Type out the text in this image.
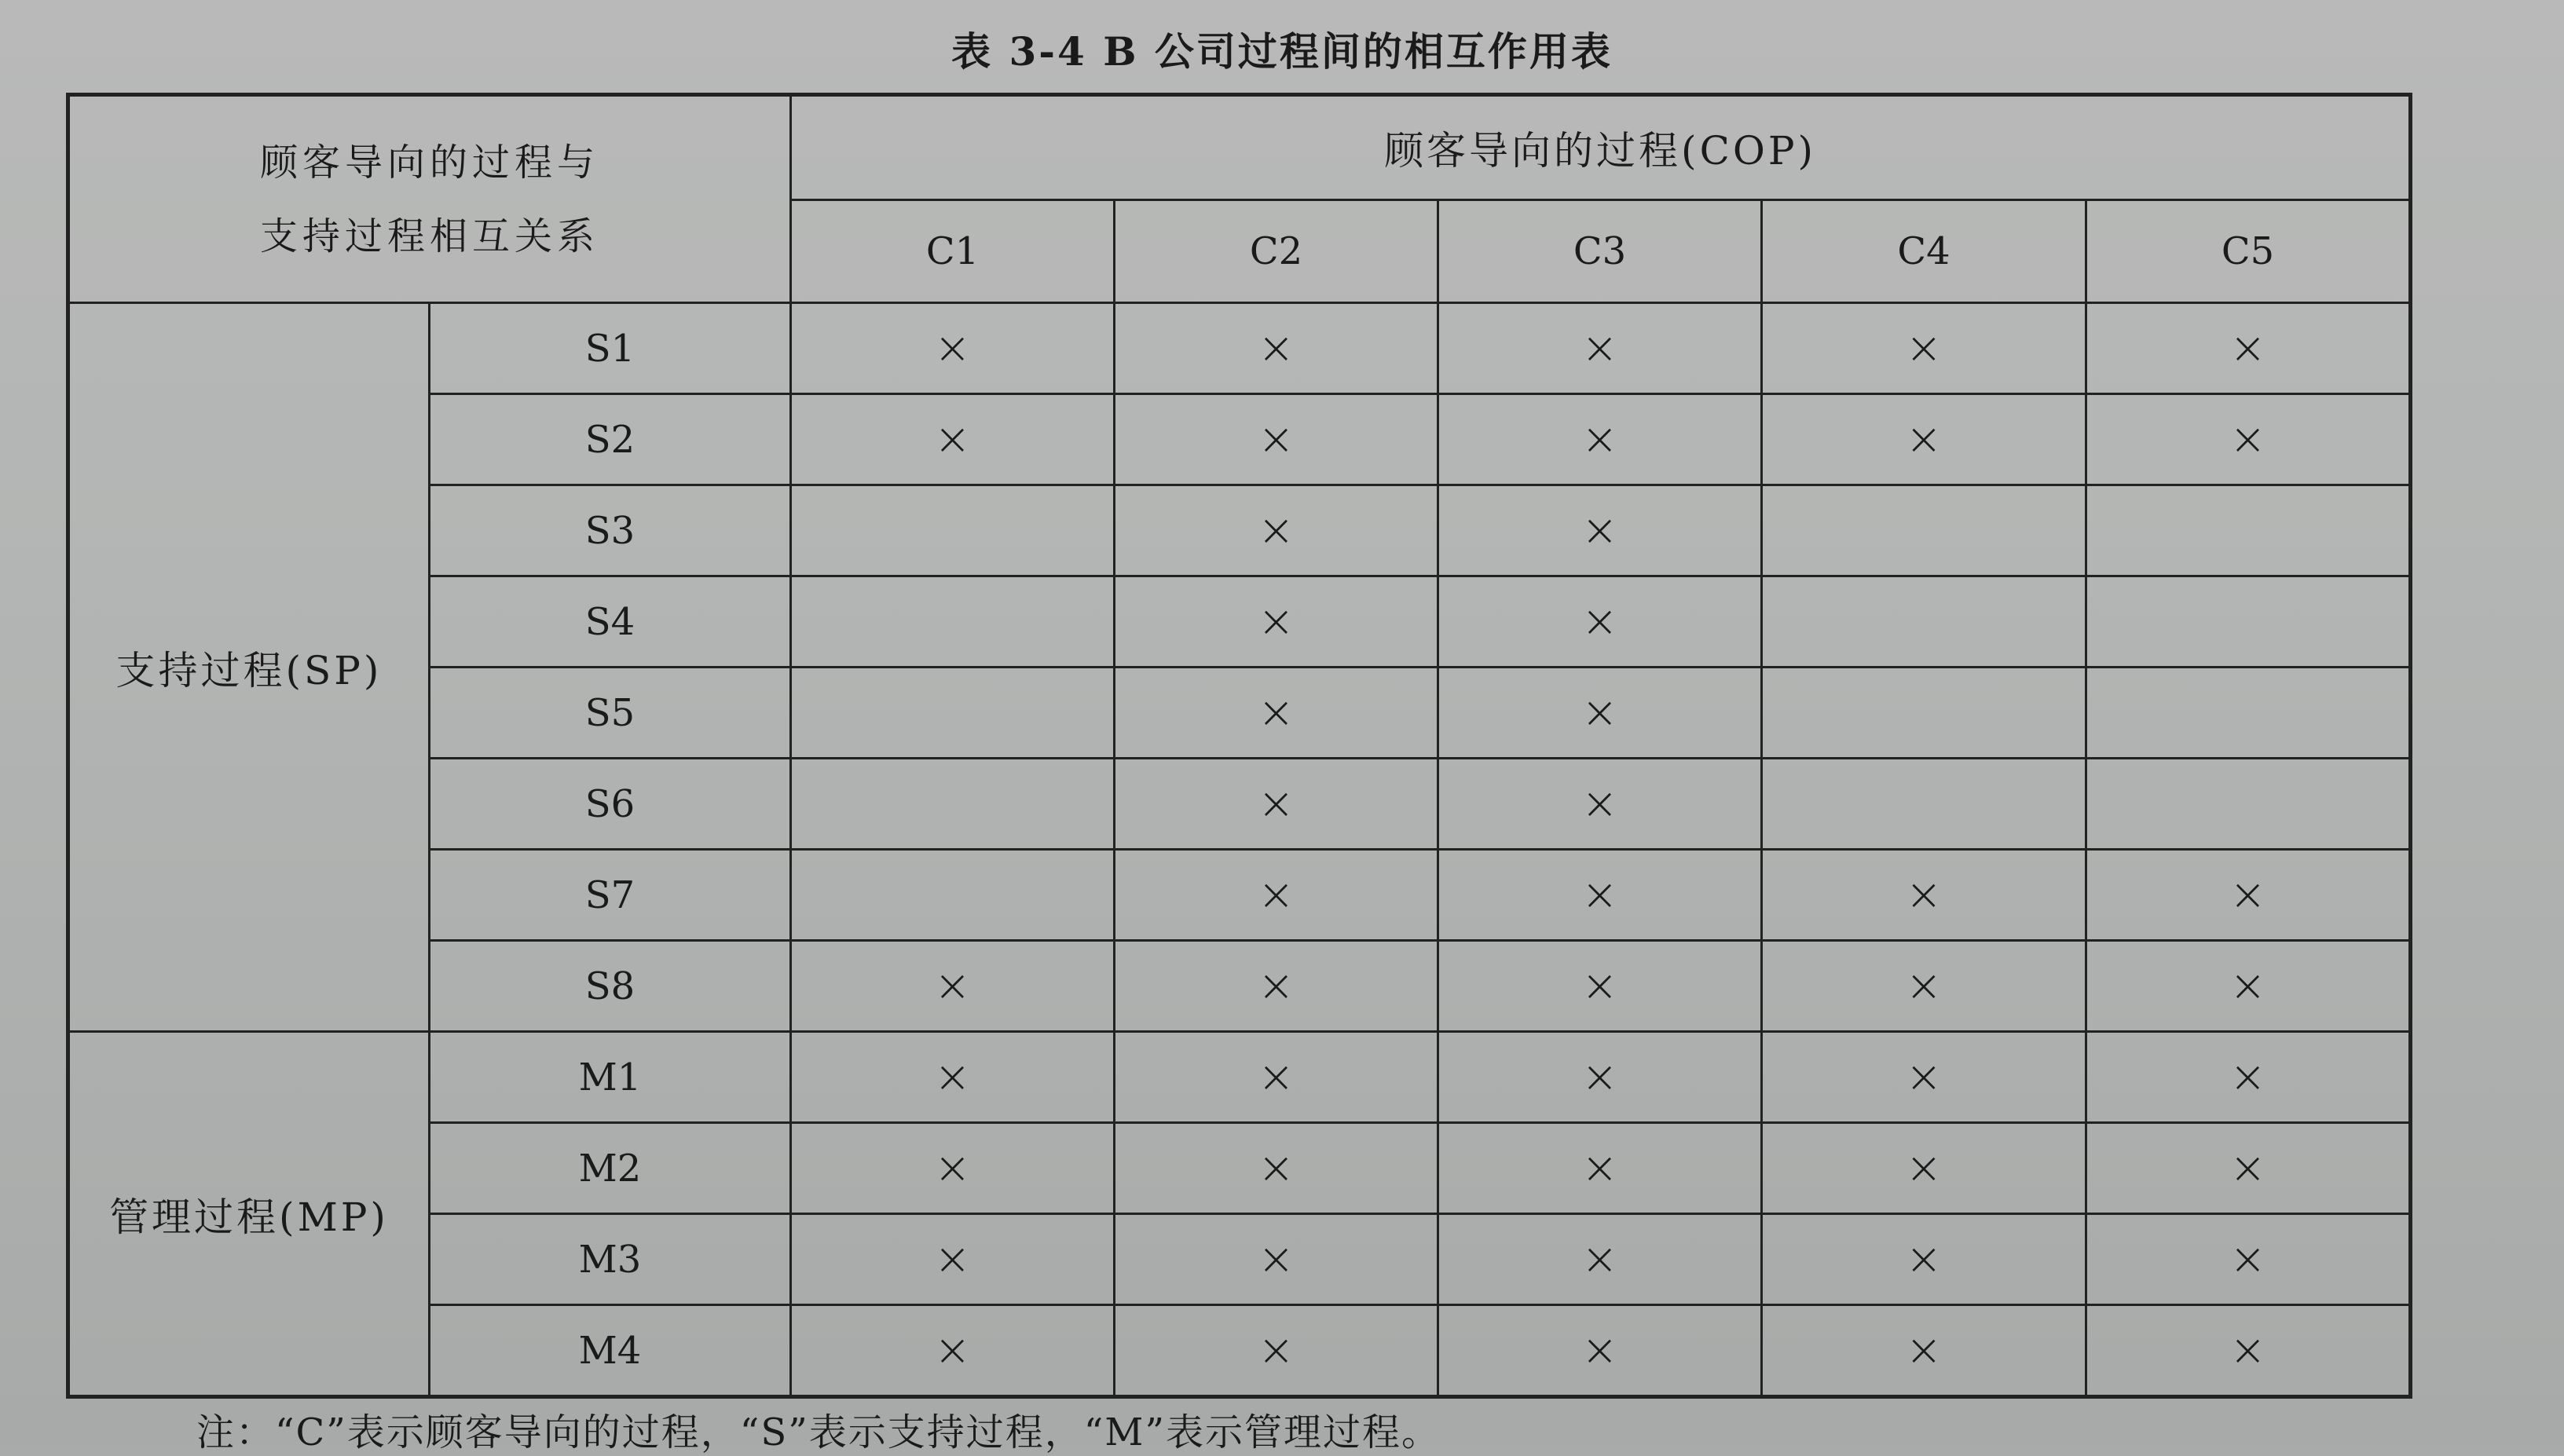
表 3-4 B 公司过程间的相互作用表
顾客导向的过程与
支持过程相互关系		顾客导向的过程(COP)				
		C1	C2	C3	C4	C5
支持过程(SP)	S1	×	×	×	×	×
	S2	×	×	×	×	×
	S3		×	×		
	S4		×	×		
	S5		×	×		
	S6		×	×		
	S7		×	×	×	×
	S8	×	×	×	×	×
管理过程(MP)	M1	×	×	×	×	×
	M2	×	×	×	×	×
	M3	×	×	×	×	×
	M4	×	×	×	×	×
注：“C”表示顾客导向的过程，“S”表示支持过程，“M”表示管理过程。
